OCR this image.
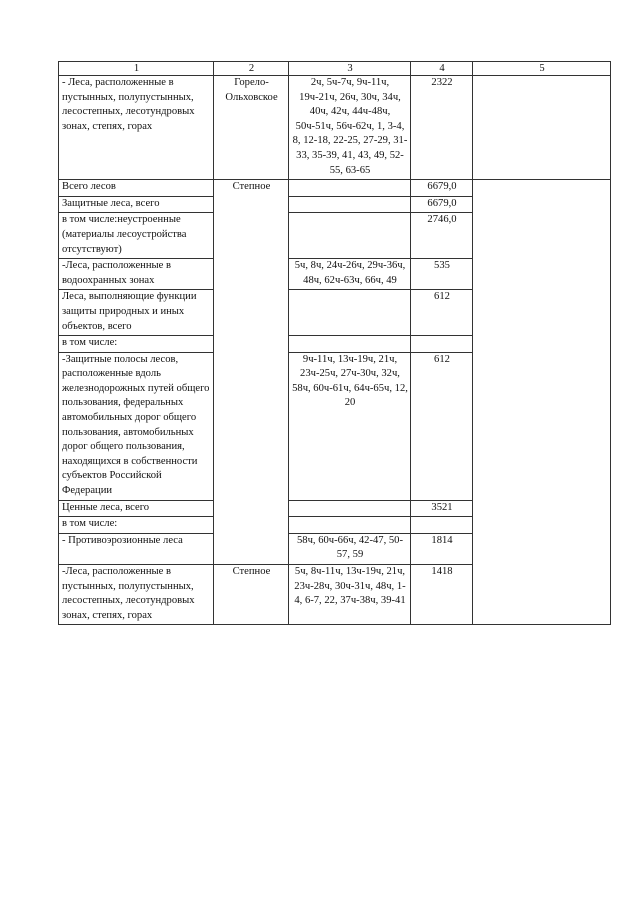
1	2	3	4	5	
- Леса, расположенные в пустынных, полупустынных, лесостепных, лесотундровых зонах, степях, горах	Горело-Ольховское	2ч, 5ч-7ч, 9ч-11ч, 19ч-21ч, 26ч, 30ч, 34ч, 40ч, 42ч, 44ч-48ч, 50ч-51ч, 56ч-62ч, 1, 3-4, 8, 12-18, 22-25, 27-29, 31-33, 35-39, 41, 43, 49, 52-55, 63-65	2322		
Всего лесов	Степное		6679,0		
Защитные леса, всего			6679,0		
в том числе:неустроенные (материалы лесоустройства отсутствуют)			2746,0		
-Леса, расположенные в водоохранных зонах		5ч, 8ч, 24ч-26ч, 29ч-36ч, 48ч, 62ч-63ч, 66ч, 49	535		
Леса, выполняющие функции защиты природных и иных объектов, всего			612		
в том числе:					
-Защитные полосы лесов, расположенные вдоль железнодорожных путей общего пользования, федеральных автомобильных дорог общего пользования, автомобильных дорог общего пользования, находящихся в собственности субъектов Российской Федерации		9ч-11ч, 13ч-19ч, 21ч, 23ч-25ч, 27ч-30ч, 32ч, 58ч, 60ч-61ч, 64ч-65ч, 12, 20	612		
Ценные леса, всего			3521		
в том числе:					
- Противоэрозионные леса		58ч, 60ч-66ч, 42-47, 50-57, 59	1814		
-Леса, расположенные в пустынных, полупустынных, лесостепных, лесотундровых зонах, степях, горах	Степное	5ч, 8ч-11ч, 13ч-19ч, 21ч, 23ч-28ч, 30ч-31ч, 48ч, 1-4, 6-7, 22, 37ч-38ч, 39-41	1418		
